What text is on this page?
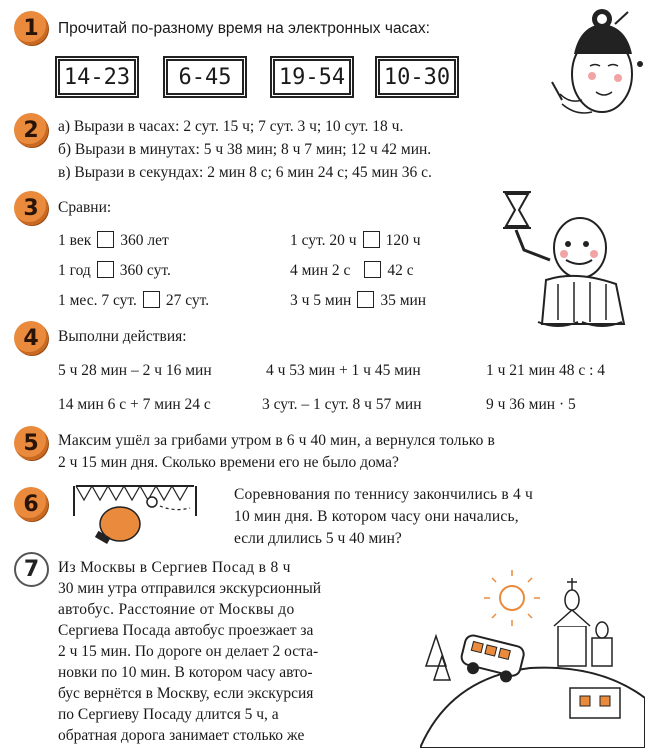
1 Прочитай по-разному время на электронных часах:
14-23	6-45	19-54 10-30
2 а) Вырази в часах: 2 сут. 15 ч; 7 сут. 3 ч; 10 сут. 18 ч.
б) Вырази в минутах: 5 ч 38 мин; 8 ч 7 мин; 12 ч 42 мин.
в) Вырази в секундах: 2 мин 8 с; 6 мин 24 с; 45 мин 36 с.
3 Сравни:
1 век 360 лет	1 сут. 20 ч 120 ч
1 год 360 сут.	4 мин 2 с 42 с
1 мес. 7 сут. 27 сут.	3 ч 5 мин 35 мин
4 Выполни действия:
5 ч 28 мин – 2 ч 16 мин	4 ч 53 мин + 1 ч 45 мин	1 ч 21 мин 48 с : 4
14 мин 6 с + 7 мин 24 с	3 сут. – 1 сут. 8 ч 57 мин	9 ч 36 мин · 5
5 Максим ушёл за грибами утром в 6 ч 40 мин, а вернулся только в
2 ч 15 мин дня. Сколько времени его не было дома?
6	Соревнования по теннису закончились в 4 ч
10 мин дня. В котором часу они начались,
если длились 5 ч 40 мин?
7 Из Москвы в Сергиев Посад в 8 ч
30 мин утра отправился экскурсионный
автобус. Расстояние от Москвы до
Сергиева Посада автобус проезжает за
2 ч 15 мин. По дороге он делает 2 оста-
новки по 10 мин. В котором часу авто-
бус вернётся в Москву, если экскурсия
по Сергиеву Посаду длится 5 ч, а
обратная дорога занимает столько же
